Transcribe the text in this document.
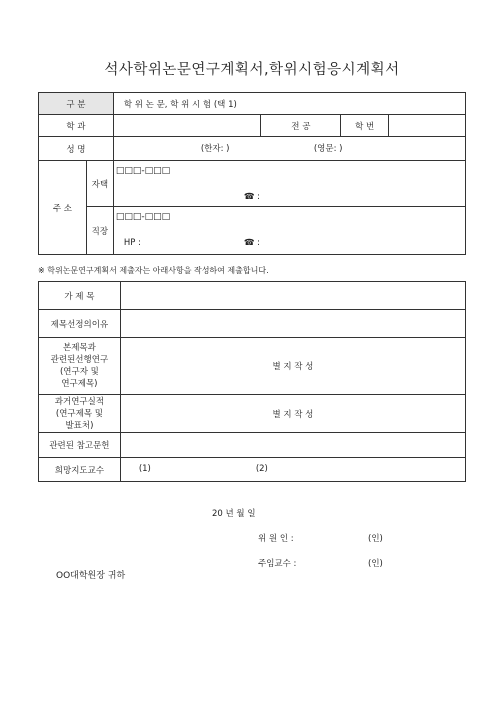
석사학위논문연구계획서,학위시험응시계획서
구 분		학 위 논 문, 학 위 시 험 (택 1)			
학 과			전 공	학 번	
성 명		(한자: ) (영문: )			

주 소	자택	□□□-□□□
☎ :			

	직장	□□□-□□□
HP : ☎ :			
※ 학위논문연구계획서 제출자는 아래사항을 작성하여 제출합니다.
가 제 목	
제목선정의이유	
본제목과
관련된선행연구
(연구자 및
연구제목)	별 지 작 성
과거연구실적
(연구제목 및
발표처)	별 지 작 성
관련된 참고문헌	
희망지도교수	(1) (2)
20 년 월 일
위 원 인 :	(인)
주임교수 :	(인)
OO대학원장 귀하
